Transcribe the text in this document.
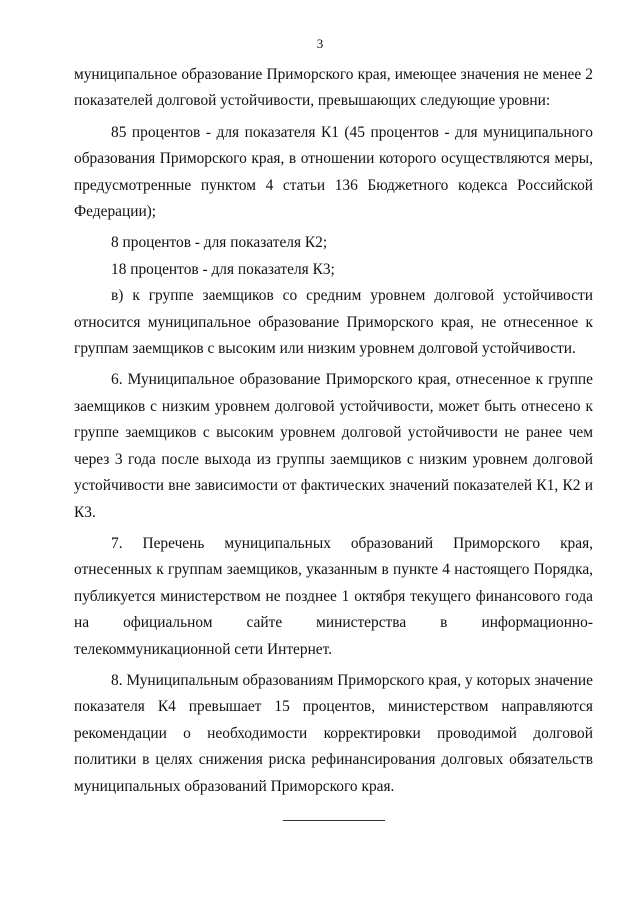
3

муниципальное образование Приморского края, имеющее значения не менее 2 показателей долговой устойчивости, превышающих следующие уровни:

85 процентов - для показателя К1 (45 процентов - для муниципального образования Приморского края, в отношении которого осуществляются меры, предусмотренные пунктом 4 статьи 136 Бюджетного кодекса Российской Федерации);

8 процентов - для показателя К2;

18 процентов - для показателя К3;

в) к группе заемщиков со средним уровнем долговой устойчивости относится муниципальное образование Приморского края, не отнесенное к группам заемщиков с высоким или низким уровнем долговой устойчивости.

6. Муниципальное образование Приморского края, отнесенное к группе заемщиков с низким уровнем долговой устойчивости, может быть отнесено к группе заемщиков с высоким уровнем долговой устойчивости не ранее чем через 3 года после выхода из группы заемщиков с низким уровнем долговой устойчивости вне зависимости от фактических значений показателей К1, К2 и К3.

7. Перечень муниципальных образований Приморского края, отнесенных к группам заемщиков, указанным в пункте 4 настоящего Порядка, публикуется министерством не позднее 1 октября текущего финансового года на официальном сайте министерства в информационно-телекоммуникационной сети Интернет.

8. Муниципальным образованиям Приморского края, у которых значение показателя К4 превышает 15 процентов, министерством направляются рекомендации о необходимости корректировки проводимой долговой политики в целях снижения риска рефинансирования долговых обязательств муниципальных образований Приморского края.
